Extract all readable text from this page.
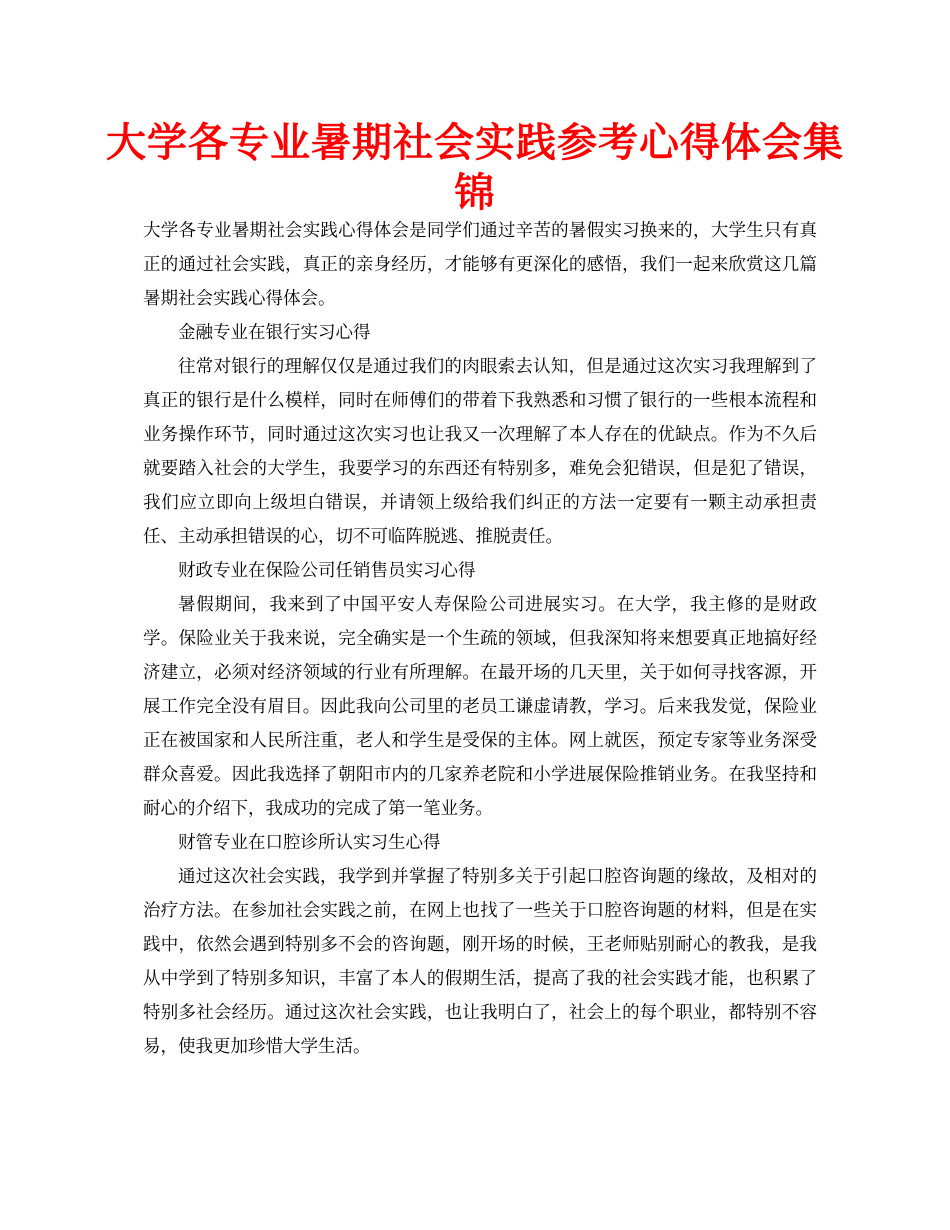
大学各专业暑期社会实践参考心得体会集锦

大学各专业暑期社会实践心得体会是同学们通过辛苦的暑假实习换来的，大学生只有真正的通过社会实践，真正的亲身经历，才能够有更深化的感悟，我们一起来欣赏这几篇暑期社会实践心得体会。

金融专业在银行实习心得

往常对银行的理解仅仅是通过我们的肉眼索去认知，但是通过这次实习我理解到了真正的银行是什么模样，同时在师傅们的带着下我熟悉和习惯了银行的一些根本流程和业务操作环节，同时通过这次实习也让我又一次理解了本人存在的优缺点。作为不久后就要踏入社会的大学生，我要学习的东西还有特别多，难免会犯错误，但是犯了错误，我们应立即向上级坦白错误，并请领上级给我们纠正的方法一定要有一颗主动承担责任、主动承担错误的心，切不可临阵脱逃、推脱责任。

财政专业在保险公司任销售员实习心得

暑假期间，我来到了中国平安人寿保险公司进展实习。在大学，我主修的是财政学。保险业关于我来说，完全确实是一个生疏的领域，但我深知将来想要真正地搞好经济建立，必须对经济领域的行业有所理解。在最开场的几天里，关于如何寻找客源，开展工作完全没有眉目。因此我向公司里的老员工谦虚请教，学习。后来我发觉，保险业正在被国家和人民所注重，老人和学生是受保的主体。网上就医，预定专家等业务深受群众喜爱。因此我选择了朝阳市内的几家养老院和小学进展保险推销业务。在我坚持和耐心的介绍下，我成功的完成了第一笔业务。

财管专业在口腔诊所认实习生心得

通过这次社会实践，我学到并掌握了特别多关于引起口腔咨询题的缘故，及相对的治疗方法。在参加社会实践之前，在网上也找了一些关于口腔咨询题的材料，但是在实践中，依然会遇到特别多不会的咨询题，刚开场的时候，王老师贴别耐心的教我，是我从中学到了特别多知识，丰富了本人的假期生活，提高了我的社会实践才能，也积累了特别多社会经历。通过这次社会实践，也让我明白了，社会上的每个职业，都特别不容易，使我更加珍惜大学生活。
